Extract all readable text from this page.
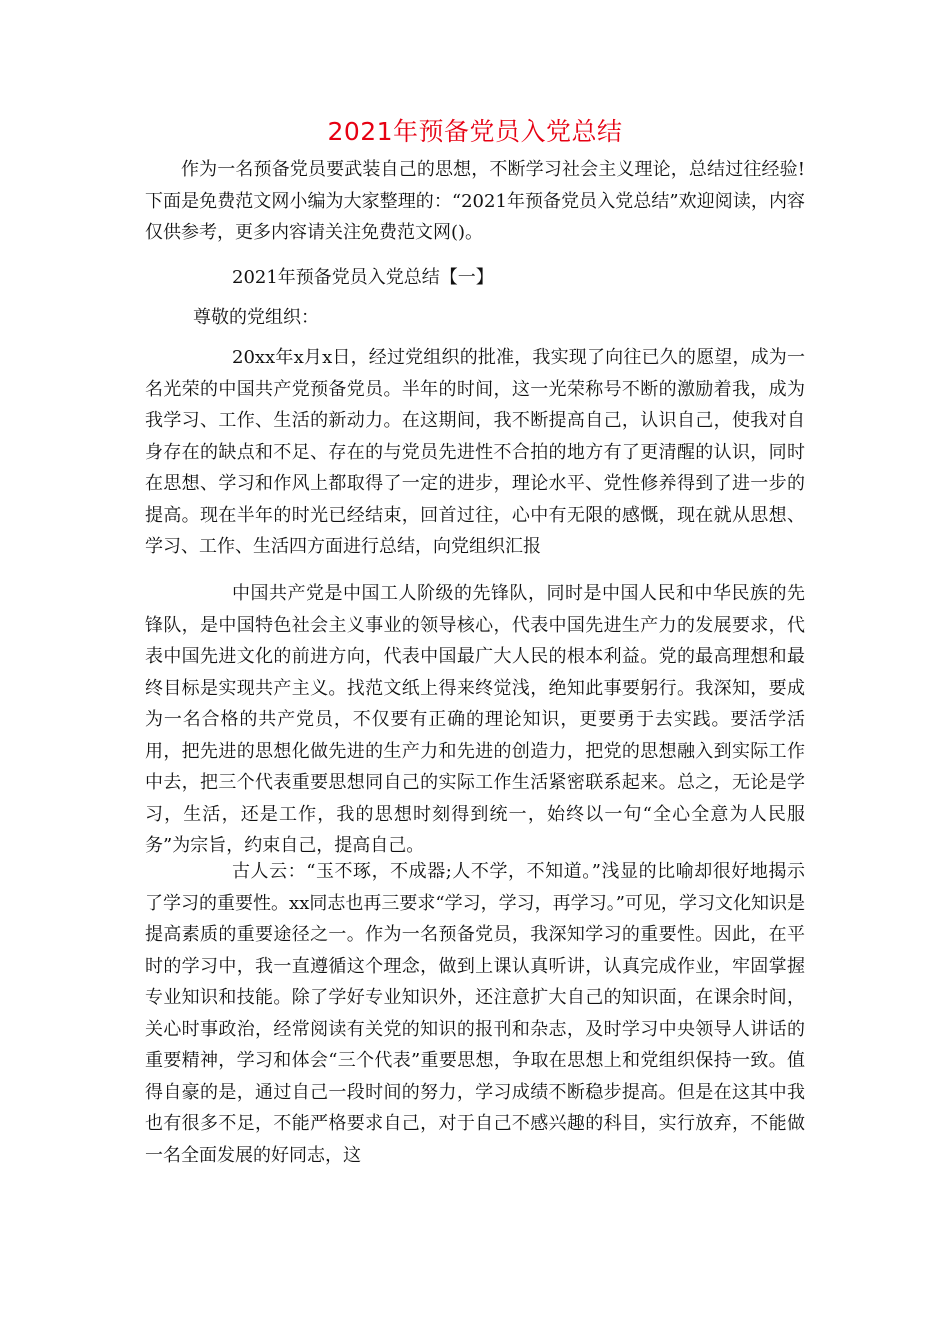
2021年预备党员入党总结
作为一名预备党员要武装自己的思想，不断学习社会主义理论，总结过往经验!下面是免费范文网小编为大家整理的：“2021年预备党员入党总结”欢迎阅读，内容仅供参考，更多内容请关注免费范文网()。
2021年预备党员入党总结【一】
尊敬的党组织：
20xx年x月x日，经过党组织的批准，我实现了向往已久的愿望，成为一名光荣的中国共产党预备党员。半年的时间，这一光荣称号不断的激励着我，成为我学习、工作、生活的新动力。在这期间，我不断提高自己，认识自己，使我对自身存在的缺点和不足、存在的与党员先进性不合拍的地方有了更清醒的认识，同时在思想、学习和作风上都取得了一定的进步，理论水平、党性修养得到了进一步的提高。现在半年的时光已经结束，回首过往，心中有无限的感慨，现在就从思想、学习、工作、生活四方面进行总结，向党组织汇报
中国共产党是中国工人阶级的先锋队，同时是中国人民和中华民族的先锋队，是中国特色社会主义事业的领导核心，代表中国先进生产力的发展要求，代表中国先进文化的前进方向，代表中国最广大人民的根本利益。党的最高理想和最终目标是实现共产主义。找范文纸上得来终觉浅，绝知此事要躬行。我深知，要成为一名合格的共产党员，不仅要有正确的理论知识，更要勇于去实践。要活学活用，把先进的思想化做先进的生产力和先进的创造力，把党的思想融入到实际工作中去，把三个代表重要思想同自己的实际工作生活紧密联系起来。总之，无论是学习，生活，还是工作，我的思想时刻得到统一，始终以一句“全心全意为人民服务”为宗旨，约束自己，提高自己。
古人云：“玉不琢，不成器;人不学，不知道。”浅显的比喻却很好地揭示了学习的重要性。xx同志也再三要求“学习，学习，再学习。”可见，学习文化知识是提高素质的重要途径之一。作为一名预备党员，我深知学习的重要性。因此，在平时的学习中，我一直遵循这个理念，做到上课认真听讲，认真完成作业，牢固掌握专业知识和技能。除了学好专业知识外，还注意扩大自己的知识面，在课余时间，关心时事政治，经常阅读有关党的知识的报刊和杂志，及时学习中央领导人讲话的重要精神，学习和体会“三个代表”重要思想，争取在思想上和党组织保持一致。值得自豪的是，通过自己一段时间的努力，学习成绩不断稳步提高。但是在这其中我也有很多不足，不能严格要求自己，对于自己不感兴趣的科目，实行放弃，不能做一名全面发展的好同志，这
